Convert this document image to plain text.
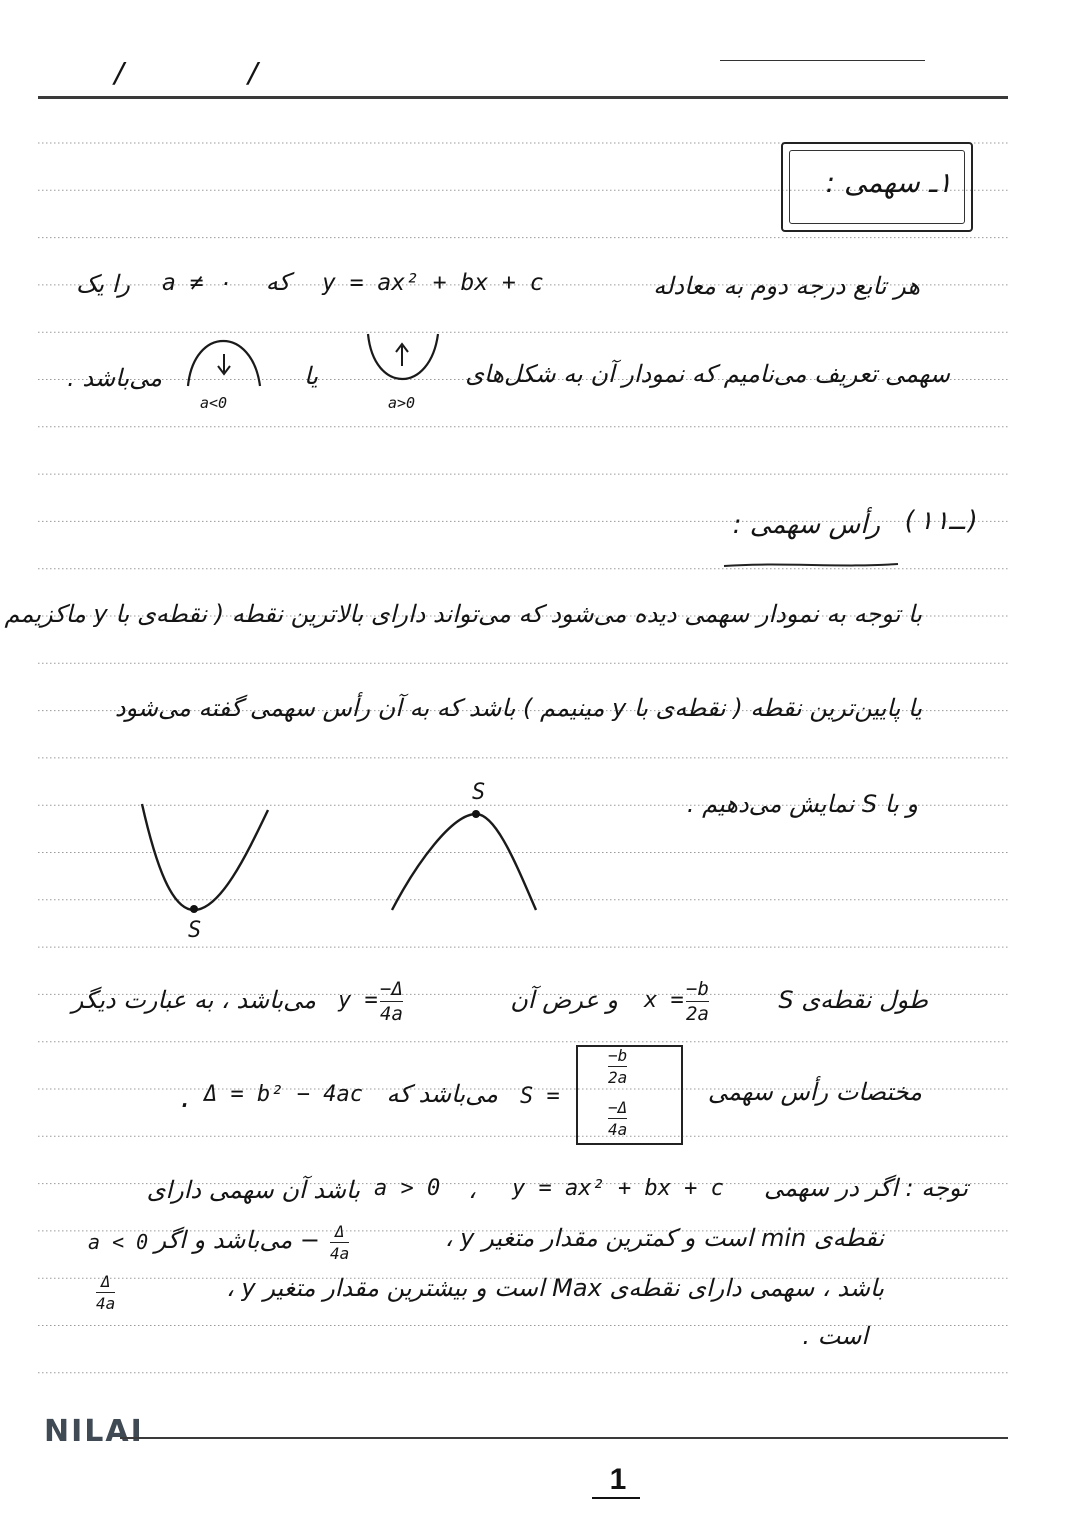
/ /
۱ـ سهمی :
هر تابع درجه دوم به معادله
y = ax² + bx + c
که
a ≠ ۰
را یک
سهمی تعریف می‌نامیم که نمودار آن به شکل‌های
a>0
یا
a<0
می‌باشد .
(۱ـ۱)
رأس سهمی :
با توجه به نمودار سهمی دیده می‌شود که می‌تواند دارای بالاترین نقطه ( نقطه‌ی با y ماکزیمم
یا پایین‌ترین نقطه ( نقطه‌ی با y مینیمم ) باشد که به آن رأس سهمی گفته می‌شود
و با S نمایش می‌دهیم .
S
S
طول نقطه‌ی S
x = −b
2a
و عرض آن
y = −Δ
4a
می‌باشد ، به عبارت دیگر
مختصات رأس سهمی
−b
2a
−Δ
4a
S =
می‌باشد که
Δ = b² − 4ac
.
توجه : اگر در سهمی
y = ax² + bx + c
،
a > 0
باشد آن سهمی دارای
نقطه‌ی min است و کمترین مقدار متغیر y ،
Δ
4a
− می‌باشد و اگر
a < 0
باشد ، سهمی دارای نقطه‌ی Max است و بیشترین مقدار متغیر y ،
Δ
4a
است .
NILAI
1
